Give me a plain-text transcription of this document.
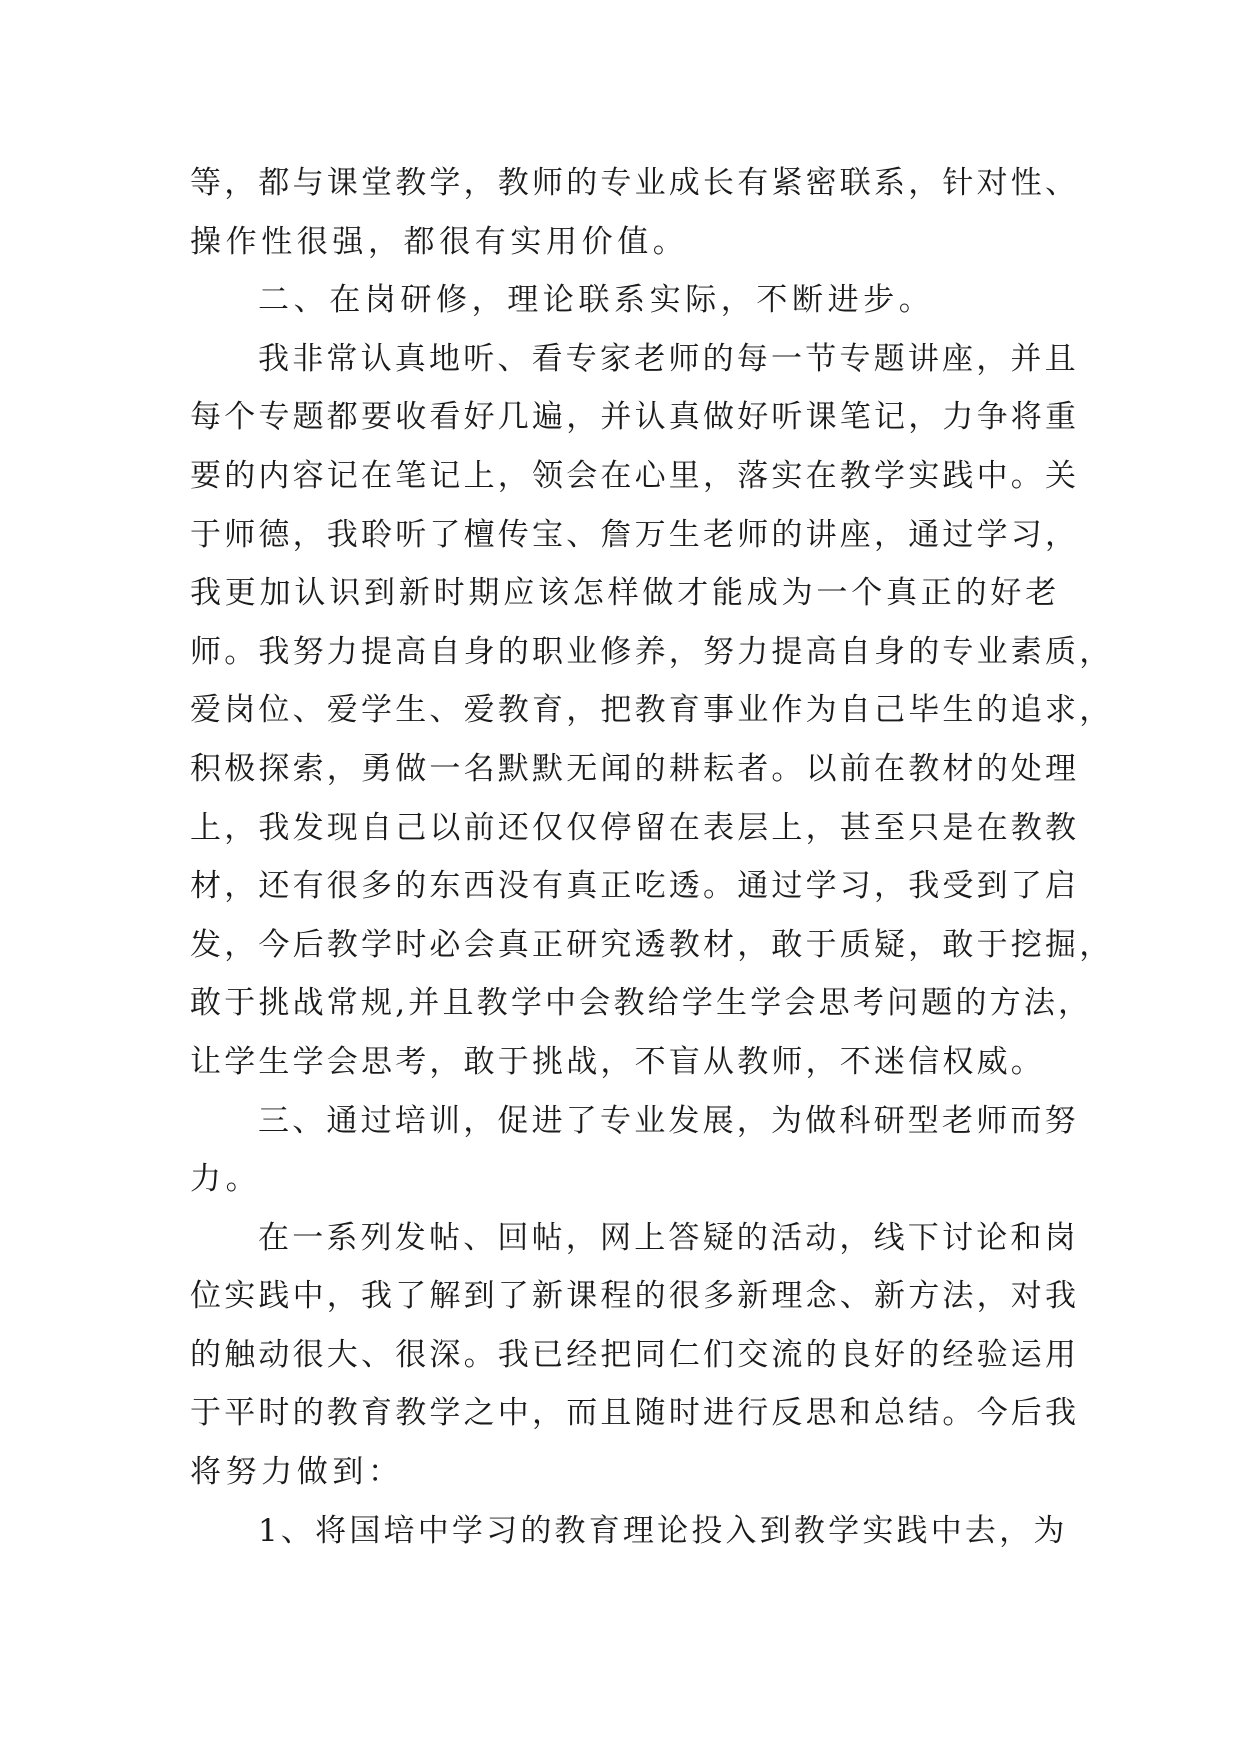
等，都与课堂教学，教师的专业成长有紧密联系，针对性、
操作性很强，都很有实用价值。
二、在岗研修，理论联系实际，不断进步。
我非常认真地听、看专家老师的每一节专题讲座，并且
每个专题都要收看好几遍，并认真做好听课笔记，力争将重
要的内容记在笔记上，领会在心里，落实在教学实践中。关
于师德，我聆听了檀传宝、詹万生老师的讲座，通过学习，
我更加认识到新时期应该怎样做才能成为一个真正的好老
师。我努力提高自身的职业修养，努力提高自身的专业素质，
爱岗位、爱学生、爱教育，把教育事业作为自己毕生的追求，
积极探索，勇做一名默默无闻的耕耘者。以前在教材的处理
上，我发现自己以前还仅仅停留在表层上，甚至只是在教教
材，还有很多的东西没有真正吃透。通过学习，我受到了启
发，今后教学时必会真正研究透教材，敢于质疑，敢于挖掘，
敢于挑战常规,并且教学中会教给学生学会思考问题的方法，
让学生学会思考，敢于挑战，不盲从教师，不迷信权威。
三、通过培训，促进了专业发展，为做科研型老师而努
力。
在一系列发帖、回帖，网上答疑的活动，线下讨论和岗
位实践中，我了解到了新课程的很多新理念、新方法，对我
的触动很大、很深。我已经把同仁们交流的良好的经验运用
于平时的教育教学之中，而且随时进行反思和总结。今后我
将努力做到：
1、将国培中学习的教育理论投入到教学实践中去，为
